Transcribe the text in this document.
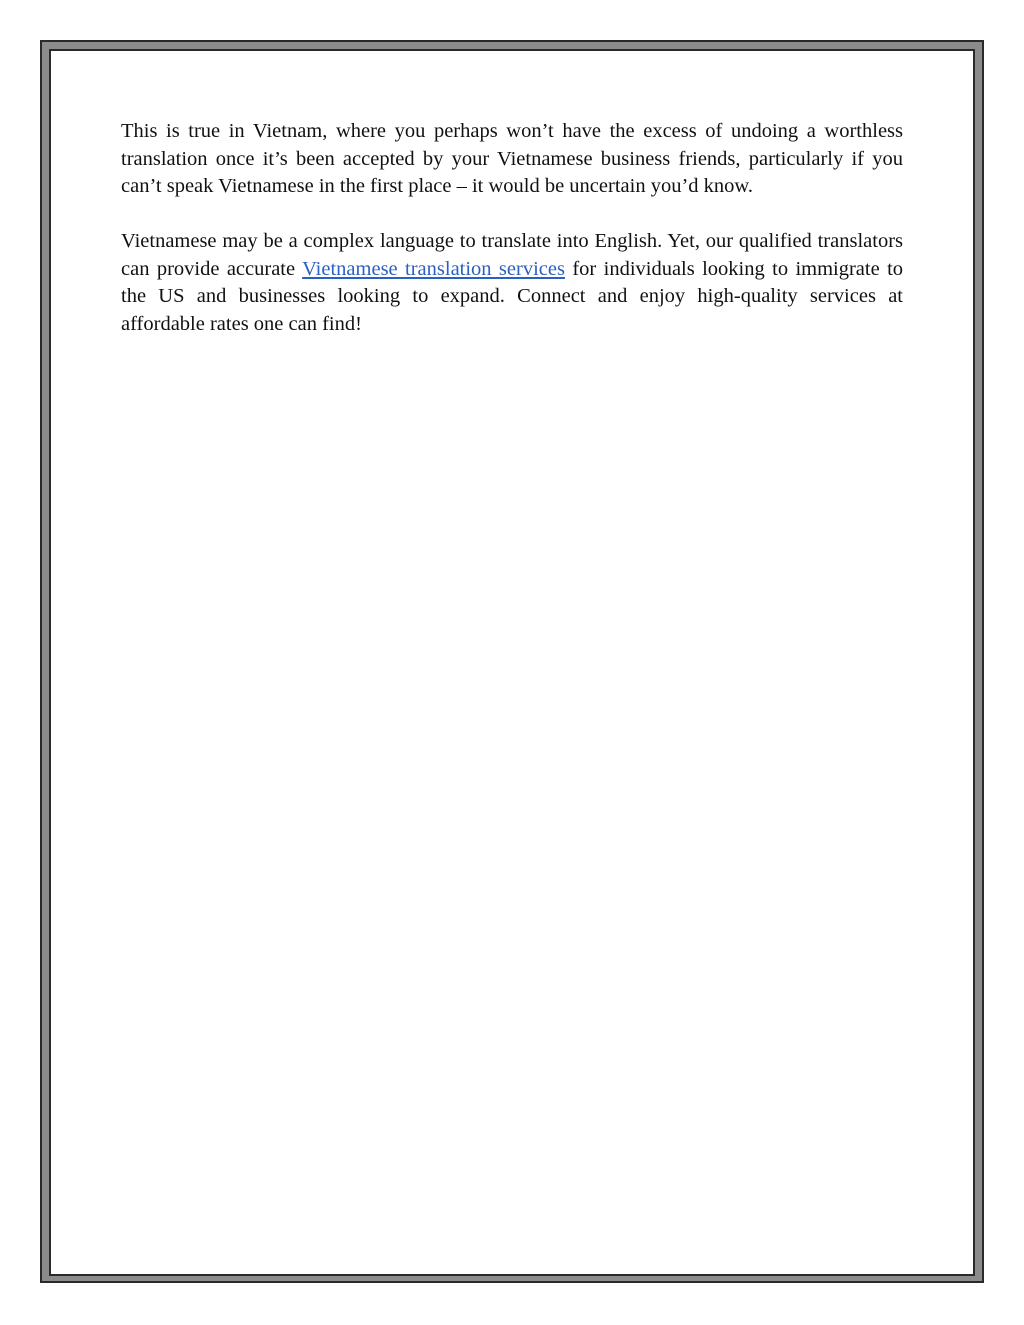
This is true in Vietnam, where you perhaps won’t have the excess of undoing a worthless translation once it’s been accepted by your Vietnamese business friends, particularly if you can’t speak Vietnamese in the first place – it would be uncertain you’d know.

Vietnamese may be a complex language to translate into English. Yet, our qualified translators can provide accurate Vietnamese translation services for individuals looking to immigrate to the US and businesses looking to expand. Connect and enjoy high-quality services at affordable rates one can find!
